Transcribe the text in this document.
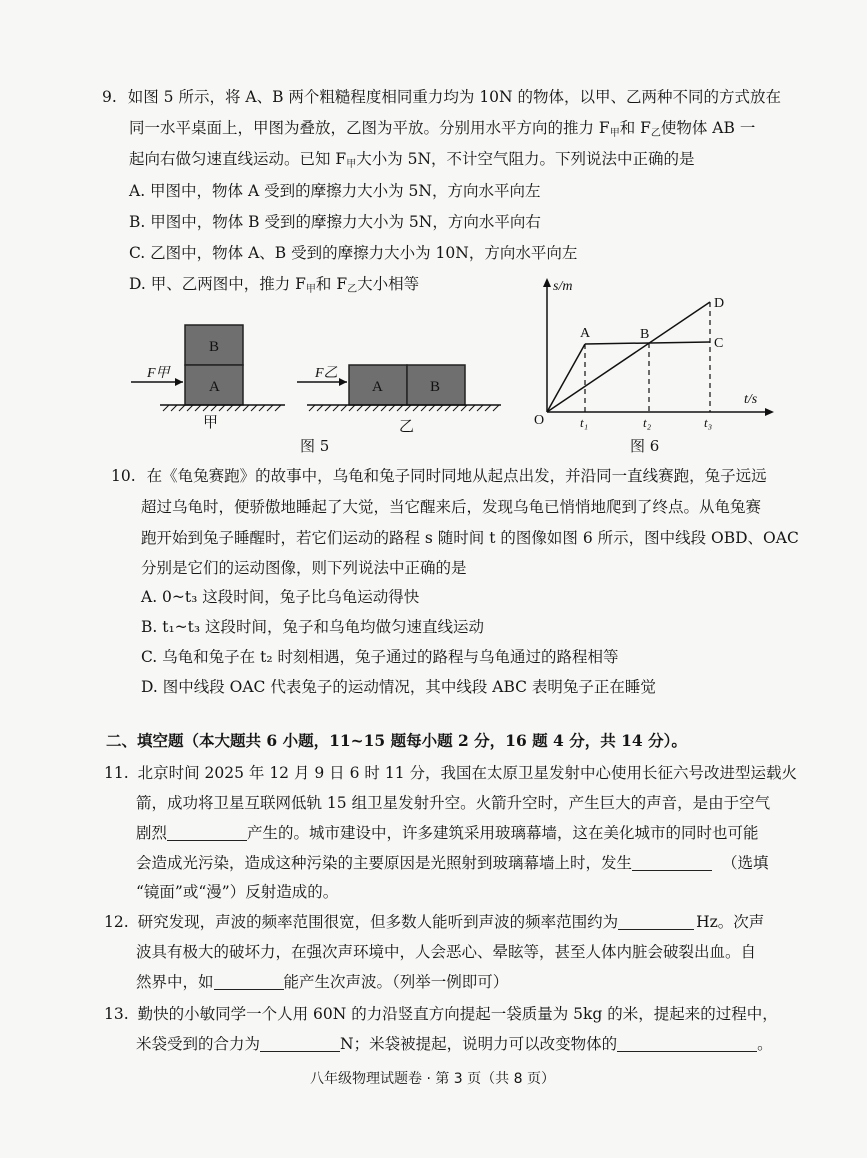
9. 如图 5 所示，将 A、B 两个粗糙程度相同重力均为 10N 的物体，以甲、乙两种不同的方式放在
同一水平桌面上，甲图为叠放，乙图为平放。分别用水平方向的推力 $F_甲$和 $F_乙$使物体 AB 一
起向右做匀速直线运动。已知 $F_甲$大小为 5N，不计空气阻力。下列说法中正确的是
A. 甲图中，物体 A 受到的摩擦力大小为 5N，方向水平向左
B. 甲图中，物体 B 受到的摩擦力大小为 5N，方向水平向右
C. 乙图中，物体 A、B 受到的摩擦力大小为 10N，方向水平向左
D. 甲、乙两图中，推力 $F_甲$和 $F_乙$大小相等
B
A
F甲
甲
A	B
F乙
乙
图 5
s/m
t/s
O
A	B
C
D
t₁	t₂	t₃
图 6
10. 在《龟兔赛跑》的故事中，乌龟和兔子同时同地从起点出发，并沿同一直线赛跑，兔子远远
超过乌龟时，便骄傲地睡起了大觉，当它醒来后，发现乌龟已悄悄地爬到了终点。从龟兔赛
跑开始到兔子睡醒时，若它们运动的路程 s 随时间 t 的图像如图 6 所示，图中线段 OBD、OAC
分别是它们的运动图像，则下列说法中正确的是
A. 0~t₃ 这段时间，兔子比乌龟运动得快
B. t₁~t₃ 这段时间，兔子和乌龟均做匀速直线运动
C. 乌龟和兔子在 t₂ 时刻相遇，兔子通过的路程与乌龟通过的路程相等
D. 图中线段 OAC 代表兔子的运动情况，其中线段 ABC 表明兔子正在睡觉
二、填空题（本大题共 6 小题，11~15 题每小题 2 分，16 题 4 分，共 14 分）。
11. 北京时间 2025 年 12 月 9 日 6 时 11 分，我国在太原卫星发射中心使用长征六号改进型运载火
箭，成功将卫星互联网低轨 15 组卫星发射升空。火箭升空时，产生巨大的声音，是由于空气
剧烈	产生的。城市建设中，许多建筑采用玻璃幕墙，这在美化城市的同时也可能
会造成光污染，造成这种污染的主要原因是光照射到玻璃幕墙上时，发生	（选填
“镜面”或“漫”）反射造成的。
12. 研究发现，声波的频率范围很宽，但多数人能听到声波的频率范围约为	Hz。次声
波具有极大的破坏力，在强次声环境中，人会恶心、晕眩等，甚至人体内脏会破裂出血。自
然界中，如	能产生次声波。（列举一例即可）
13. 勤快的小敏同学一个人用 60N 的力沿竖直方向提起一袋质量为 5kg 的米，提起来的过程中，
米袋受到的合力为	N；米袋被提起，说明力可以改变物体的	。
八年级物理试题卷 · 第 3 页（共 8 页）
